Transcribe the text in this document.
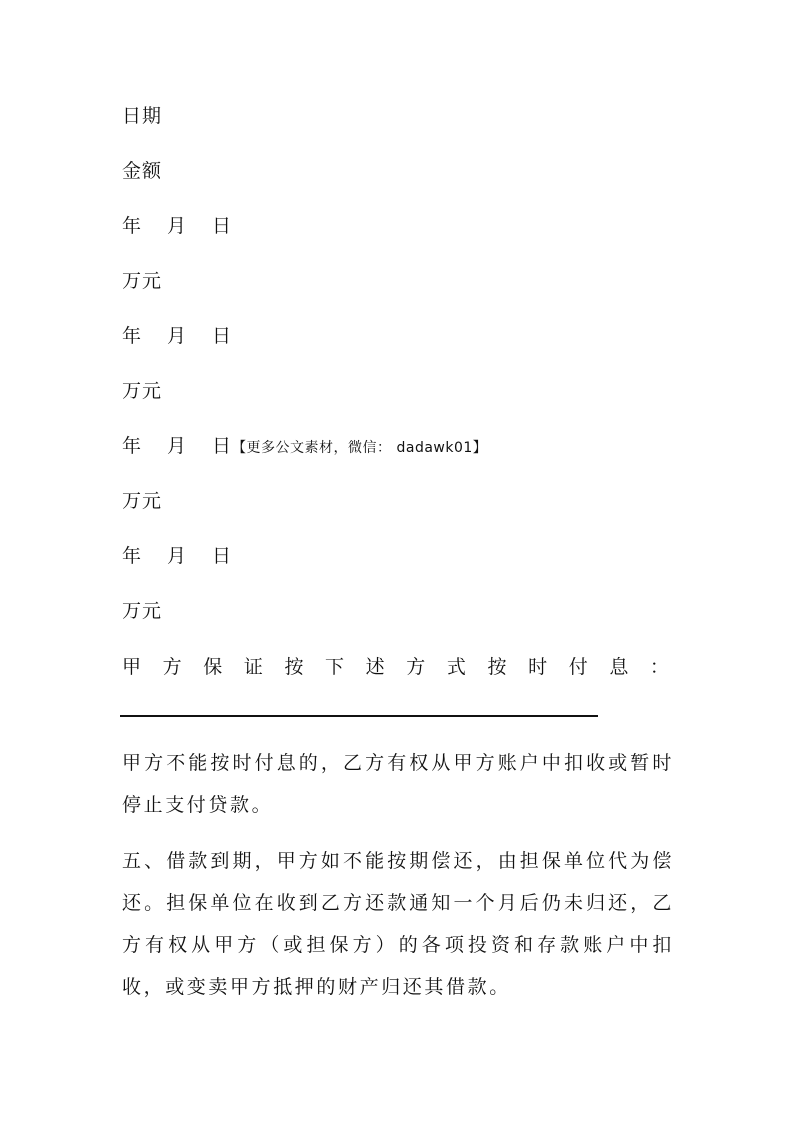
日期
金额
年 月 日
万元
年 月 日
万元
年 月 日【更多公文素材，微信： dadawk01】
万元
年 月 日
万元
甲 方 保 证 按 下 述 方 式 按 时 付 息 ：
甲方不能按时付息的，乙方有权从甲方账户中扣收或暂时停止支付贷款。
五、借款到期，甲方如不能按期偿还，由担保单位代为偿还。担保单位在收到乙方还款通知一个月后仍未归还，乙方有权从甲方（或担保方）的各项投资和存款账户中扣收，或变卖甲方抵押的财产归还其借款。
